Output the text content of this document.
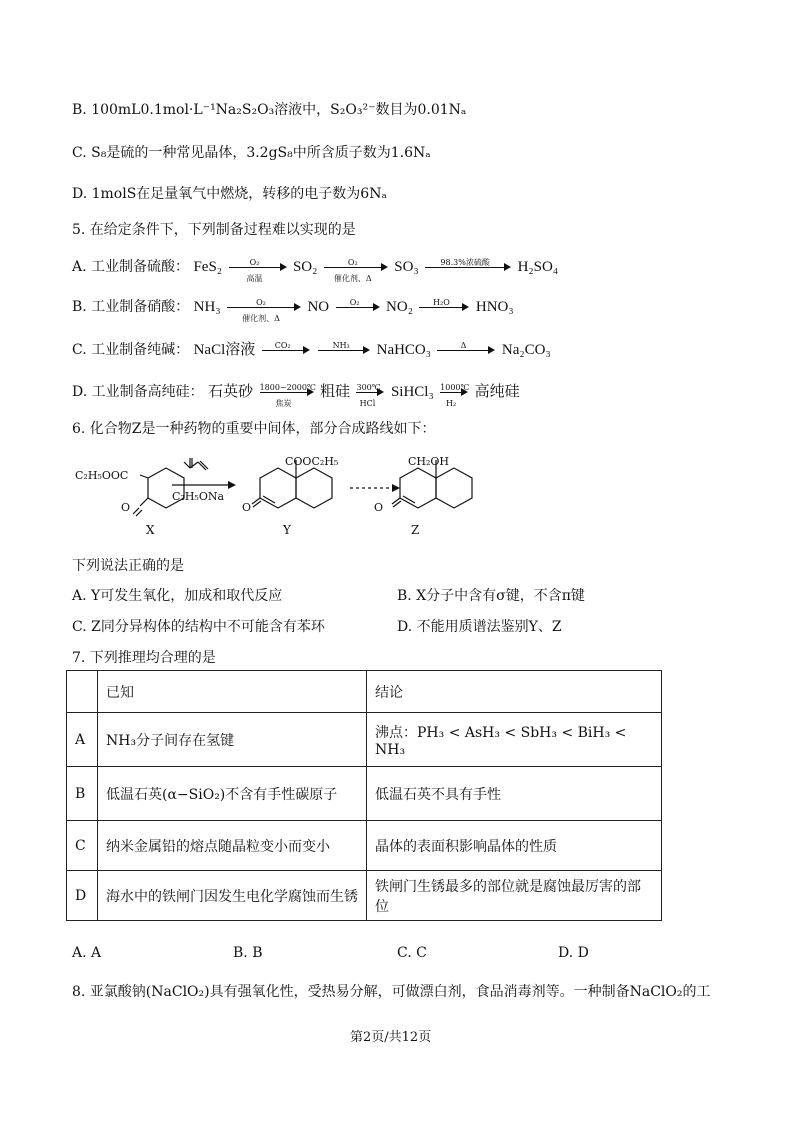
B. 100mL0.1mol·L⁻¹Na₂S₂O₃溶液中，S₂O₃²⁻数目为0.01Nₐ
C. S₈是硫的一种常见晶体，3.2gS₈中所含质子数为1.6Nₐ
D. 1molS在足量氧气中燃烧，转移的电子数为6Nₐ
5. 在给定条件下，下列制备过程难以实现的是
A. 工业制备硫酸： FeS₂	O₂
高温
SO₂	O₂
催化剂、Δ
SO₃	98.3%浓硫酸	H₂SO₄
B. 工业制备硝酸： NH₃	O₂
催化剂、Δ
NO	O₂	NO₂	H₂O	HNO₃
C. 工业制备纯碱： NaCl溶液	CO₂
	NH₃	NaHCO₃	Δ	Na₂CO₃
D. 工业制备高纯硅： 石英砂 1800~2000℃
焦炭
粗硅 300℃
HCl
SiHCl₃ $\frac{1000℃}{\text{H₂}}$ 高纯硅
6. 化合物Z是一种药物的重要中间体，部分合成路线如下：
C₂H₅OOC
O
C₂H₅ONa
COOC₂H₅
O
CH₂OH
O
X	Y	Z
下列说法正确的是
A. Y可发生氧化，加成和取代反应	B. X分子中含有σ键，不含π键
C. Z同分异构体的结构中不可能含有苯环	D. 不能用质谱法鉴别Y、Z
7. 下列推理均合理的是
	已知	结论
A	NH₃分子间存在氢键	沸点：PH₃ < AsH₃ < SbH₃ < BiH₃ < NH₃
B	低温石英(α−SiO₂)不含有手性碳原子	低温石英不具有手性
C	纳米金属铅的熔点随晶粒变小而变小	晶体的表面积影响晶体的性质
D	海水中的铁闸门因发生电化学腐蚀而生锈	铁闸门生锈最多的部位就是腐蚀最厉害的部位
A. A	B. B	C. C	D. D
8. 亚氯酸钠(NaClO₂)具有强氧化性，受热易分解，可做漂白剂，食品消毒剂等。一种制备NaClO₂的工
第2页/共12页
